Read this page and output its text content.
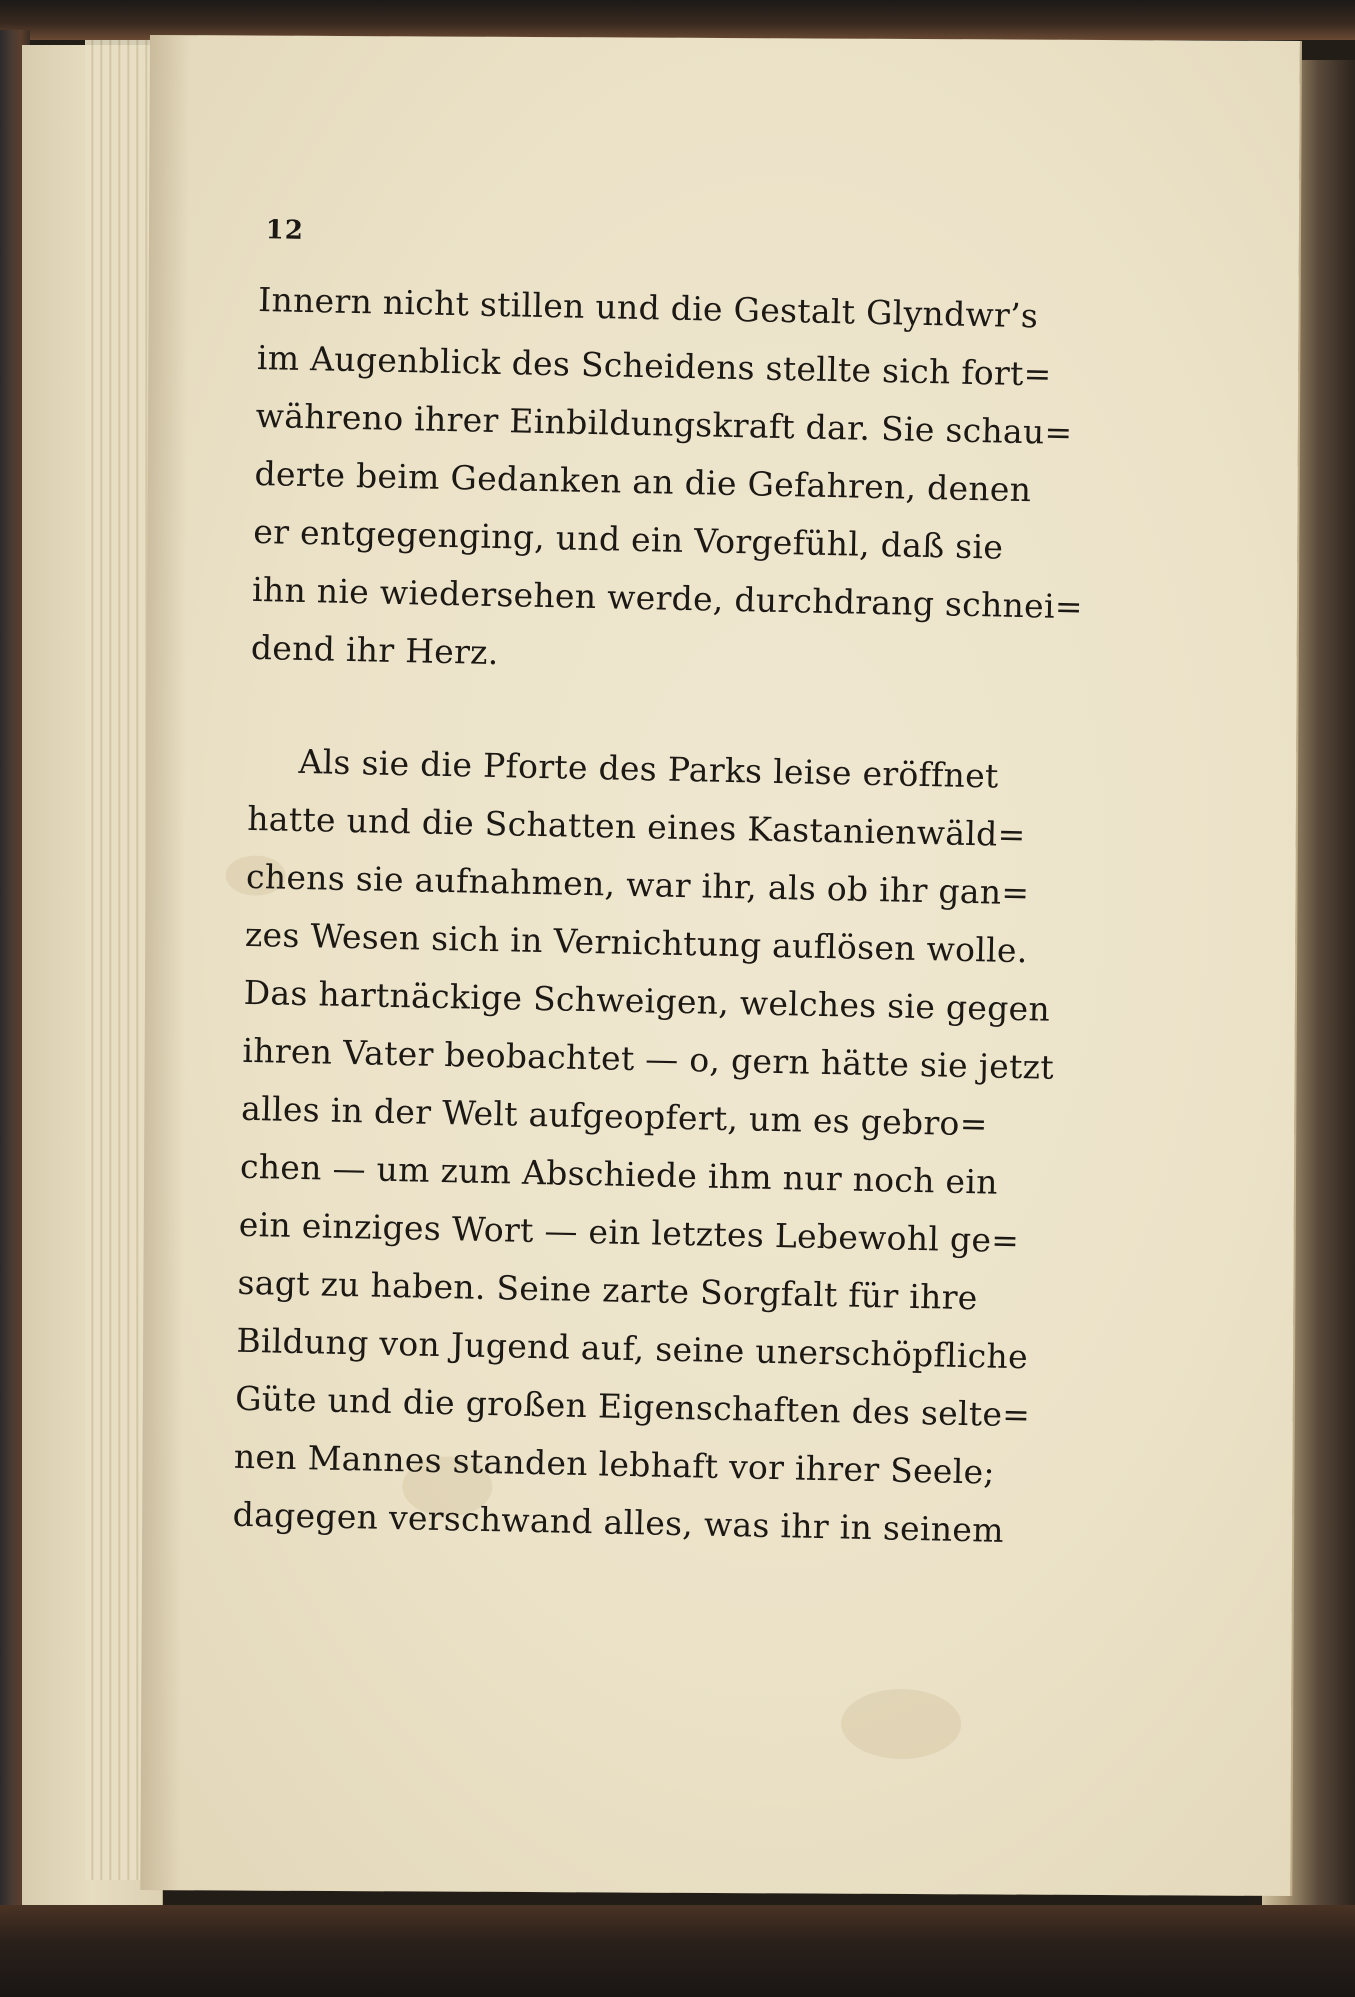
12
Innern nicht stillen und die Gestalt Glyndwr’s
im Augenblick des Scheidens stellte sich fort=
währeno ihrer Einbildungskraft dar. Sie schau=
derte beim Gedanken an die Gefahren, denen
er entgegenging, und ein Vorgefühl, daß sie
ihn nie wiedersehen werde, durchdrang schnei=
dend ihr Herz.
Als sie die Pforte des Parks leise eröffnet
hatte und die Schatten eines Kastanienwäld=
chens sie aufnahmen, war ihr, als ob ihr gan=
zes Wesen sich in Vernichtung auflösen wolle.
Das hartnäckige Schweigen, welches sie gegen
ihren Vater beobachtet — o, gern hätte sie jetzt
alles in der Welt aufgeopfert, um es gebro=
chen — um zum Abschiede ihm nur noch ein
ein einziges Wort — ein letztes Lebewohl ge=
sagt zu haben. Seine zarte Sorgfalt für ihre
Bildung von Jugend auf, seine unerschöpfliche
Güte und die großen Eigenschaften des selte=
nen Mannes standen lebhaft vor ihrer Seele;
dagegen verschwand alles, was ihr in seinem
